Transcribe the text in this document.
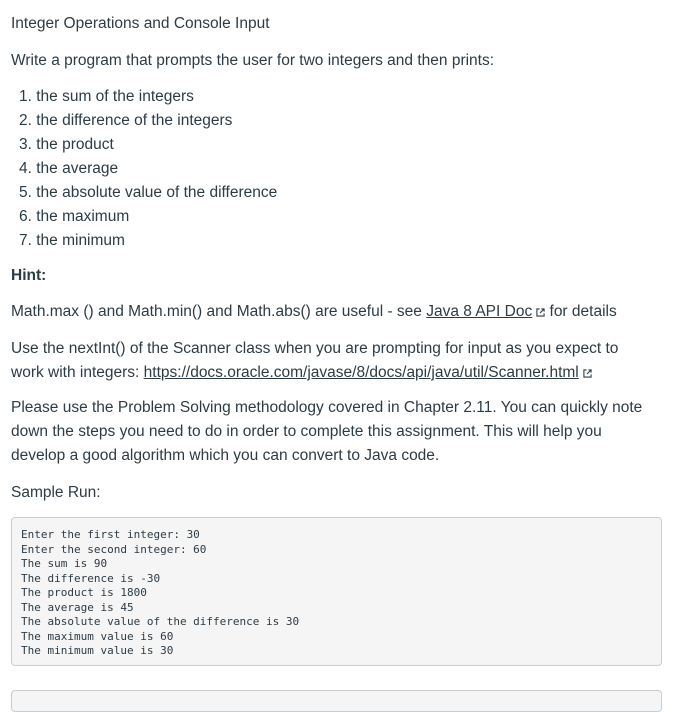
Integer Operations and Console Input
Write a program that prompts the user for two integers and then prints:
1. the sum of the integers
2. the difference of the integers
3. the product
4. the average
5. the absolute value of the difference
6. the maximum
7. the minimum
Hint:
Math.max () and Math.min() and Math.abs() are useful - see Java 8 API Doc for details
Use the nextInt() of the Scanner class when you are prompting for input as you expect to
work with integers: https://docs.oracle.com/javase/8/docs/api/java/util/Scanner.html
Please use the Problem Solving methodology covered in Chapter 2.11. You can quickly note
down the steps you need to do in order to complete this assignment. This will help you
develop a good algorithm which you can convert to Java code.
Sample Run:
Enter the first integer: 30
Enter the second integer: 60
The sum is 90
The difference is -30
The product is 1800
The average is 45
The absolute value of the difference is 30
The maximum value is 60
The minimum value is 30
